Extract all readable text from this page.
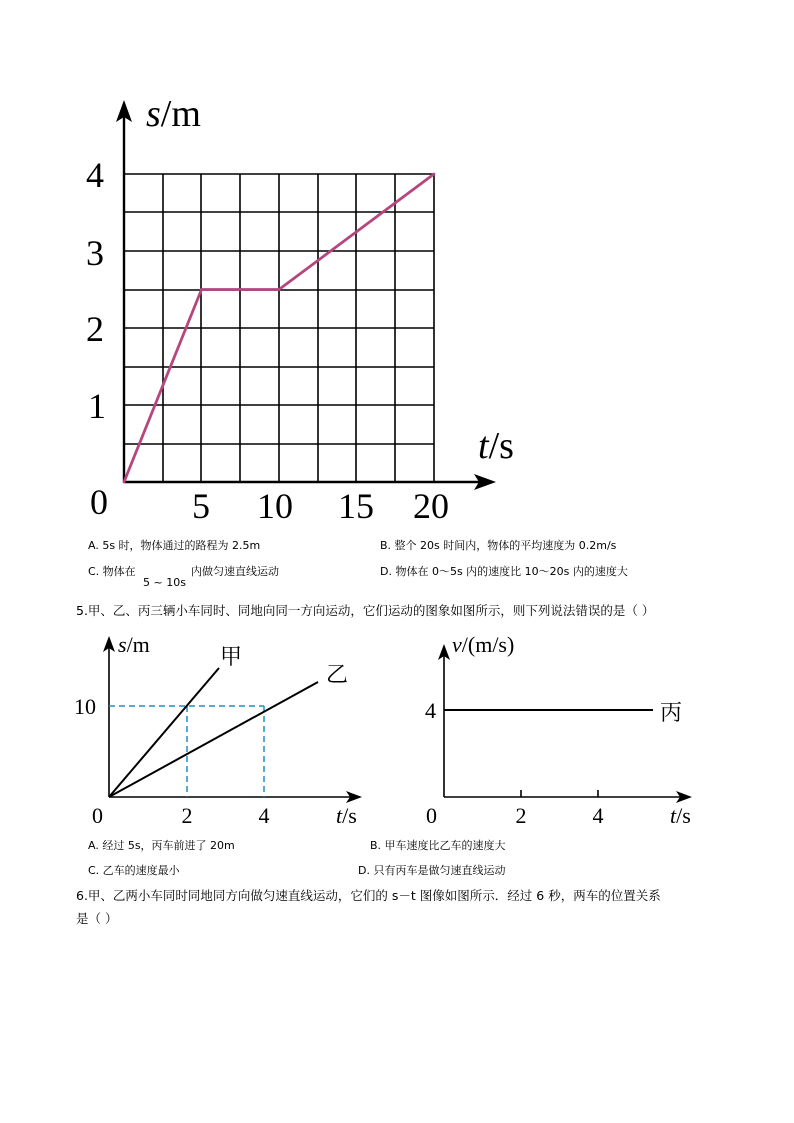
s/m
t/s
4
3
2
1
0 5 10 15 20
A. 5s 时，物体通过的路程为 2.5m	B. 整个 20s 时间内，物体的平均速度为 0.2m/s
C. 物体在
5 ~ 10s
内做匀速直线运动	D. 物体在 0～5s 内的速度比 10～20s 内的速度大
5.甲、乙、丙三辆小车同时、同地向同一方向运动，它们运动的图象如图所示，则下列说法错误的是（ ）
s/m
t/s
0
10
2	4
甲
乙
v/(m/s)
t/s
0
4
2	4
丙
A. 经过 5s，丙车前进了 20m	B. 甲车速度比乙车的速度大
C. 乙车的速度最小	D. 只有丙车是做匀速直线运动
6.甲、乙两小车同时同地同方向做匀速直线运动，它们的 s－t 图像如图所示．经过 6 秒，两车的位置关系
是（ ）
